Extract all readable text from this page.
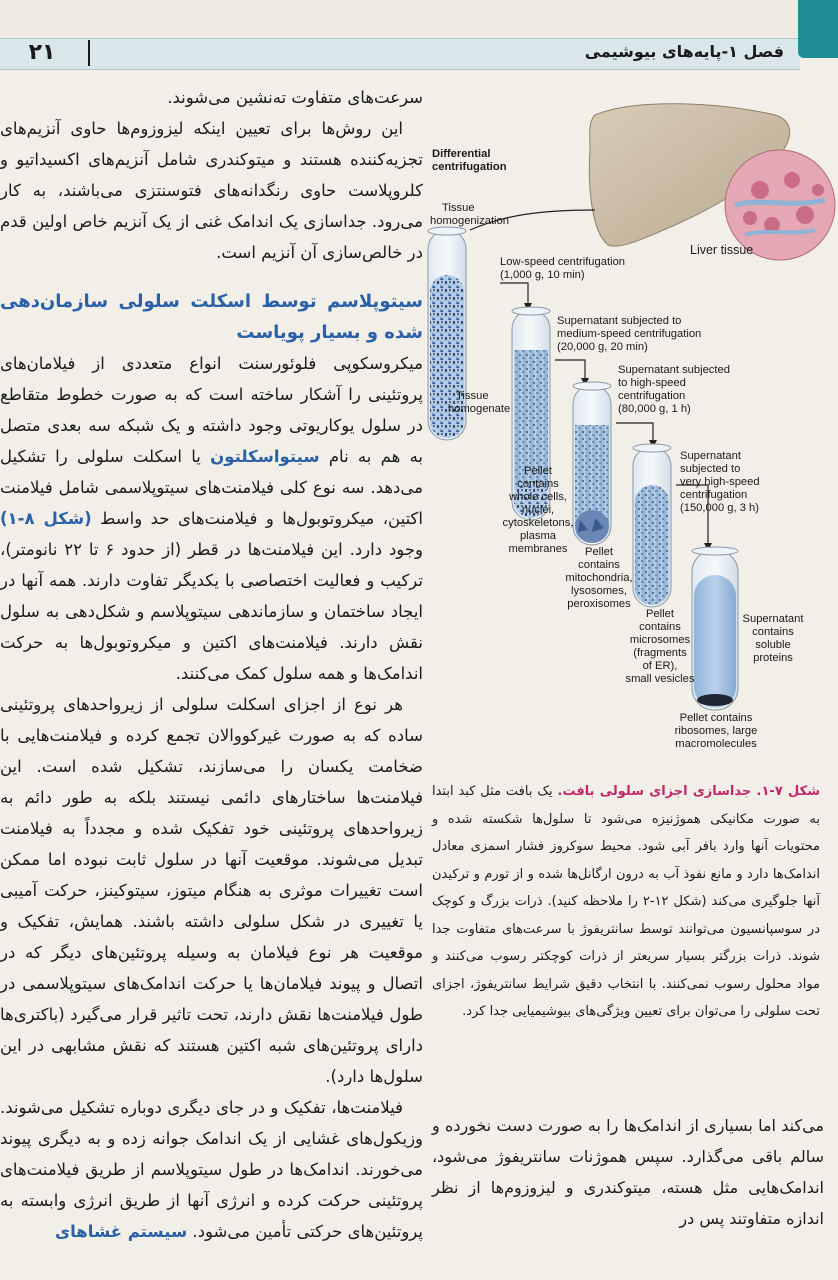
۲۱	فصل ۱-پایه‌های بیوشیمی

سرعت‌های متفاوت ته‌نشین می‌شوند.

این روش‌ها برای تعیین اینکه لیزوزوم‌ها حاوی آنزیم‌های تجزیه‌کننده هستند و میتوکندری شامل آنزیم‌های اکسیداتیو و کلروپلاست حاوی رنگدانه‌های فتوسنتزی می‌باشند، به کار می‌رود. جداسازی یک اندامک غنی از یک آنزیم خاص اولین قدم در خالص‌سازی آن آنزیم است.

سیتوپلاسم توسط اسکلت سلولی سازمان‌دهی شده و بسیار پویاست

میکروسکوپی فلوئورسنت انواع متعددی از فیلامان‌های پروتئینی را آشکار ساخته است که به صورت خطوط متقاطع در سلول یوکاریوتی وجود داشته و یک شبکه سه بعدی متصل به هم به نام سیتواسکلتون یا اسکلت سلولی را تشکیل می‌دهد. سه نوع کلی فیلامنت‌های سیتوپلاسمی شامل فیلامنت اکتین، میکروتوبول‌ها و فیلامنت‌های حد واسط (شکل ۸-۱) وجود دارد. این فیلامنت‌ها در قطر (از حدود ۶ تا ۲۲ نانومتر)، ترکیب و فعالیت اختصاصی با یکدیگر تفاوت دارند. همه آنها در ایجاد ساختمان و سازماندهی سیتوپلاسم و شکل‌دهی به سلول نقش دارند. فیلامنت‌های اکتین و میکروتوبول‌ها به حرکت اندامک‌ها و همه سلول کمک می‌کنند.

هر نوع از اجزای اسکلت سلولی از زیرواحدهای پروتئینی ساده که به صورت غیرکووالان تجمع کرده و فیلامنت‌هایی با ضخامت یکسان را می‌سازند، تشکیل شده است. این فیلامنت‌ها ساختارهای دائمی نیستند بلکه به طور دائم به زیرواحدهای پروتئینی خود تفکیک شده و مجدداً به فیلامنت تبدیل می‌شوند. موقعیت آنها در سلول ثابت نبوده اما ممکن است تغییرات موثری به هنگام میتوز، سیتوکینز، حرکت آمیبی یا تغییری در شکل سلولی داشته باشند. همایش، تفکیک و موقعیت هر نوع فیلامان به وسیله پروتئین‌های دیگر که در اتصال و پیوند فیلامان‌ها یا حرکت اندامک‌های سیتوپلاسمی در طول فیلامنت‌ها نقش دارند، تحت تاثیر قرار می‌گیرد (باکتری‌ها دارای پروتئین‌های شبه اکتین هستند که نقش مشابهی در این سلول‌ها دارد).

فیلامنت‌ها، تفکیک و در جای دیگری دوباره تشکیل می‌شوند. وزیکول‌های غشایی از یک اندامک جوانه زده و به دیگری پیوند می‌خورند. اندامک‌ها در طول سیتوپلاسم از طریق فیلامنت‌های پروتئینی حرکت کرده و انرژی آنها از طریق انرژی وابسته به پروتئین‌های حرکتی تأمین می‌شود. سیستم غشاهای

Differential
centrifugation
Liver tissue
Tissue
homogenization
Tissue
homogenate
Low-speed centrifugation
(1,000 g, 10 min)
Supernatant subjected to
medium-speed centrifugation
(20,000 g, 20 min)
Supernatant subjected
to high-speed
centrifugation
(80,000 g, 1 h)
Supernatant
subjected to
very high-speed
centrifugation
(150,000 g, 3 h)
Pellet
contains
whole cells,
nuclei,
cytoskeletons,
plasma
membranes	Pellet
contains
mitochondria,
lysosomes,
peroxisomes
Pellet
contains
microsomes
(fragments
of ER),
small vesicles
Supernatant
contains
soluble
proteins
Pellet contains
ribosomes, large
macromolecules
شکل ۷-۱. جداسازی اجزای سلولی بافت. یک بافت مثل کبد ابتدا به صورت مکانیکی هموژنیزه می‌شود تا سلول‌ها شکسته شده و محتویات آنها وارد بافر آبی شود. محیط سوکروز فشار اسمزی معادل اندامک‌ها دارد و مانع نفوذ آب به درون ارگانل‌ها شده و از تورم و ترکیدن آنها جلوگیری می‌کند (شکل ۱۲-۲ را ملاحظه کنید). ذرات بزرگ و کوچک در سوسپانسیون می‌توانند توسط سانتریفوژ با سرعت‌های متفاوت جدا شوند. ذرات بزرگتر بسیار سریعتر از ذرات کوچکتر رسوب می‌کنند و مواد محلول رسوب نمی‌کنند. با انتخاب دقیق شرایط سانتریفوژ، اجزای تحت سلولی را می‌توان برای تعیین ویژگی‌های بیوشیمیایی جدا کرد.
می‌کند اما بسیاری از اندامک‌ها را به صورت دست نخورده و سالم باقی می‌گذارد. سپس هموژنات سانتریفوژ می‌شود، اندامک‌هایی مثل هسته، میتوکندری و لیزوزوم‌ها از نظر اندازه متفاوتند پس در
